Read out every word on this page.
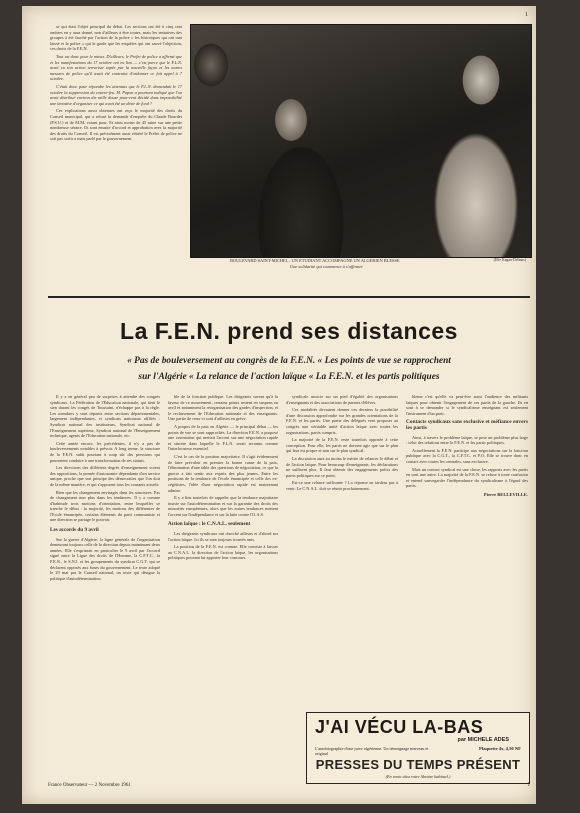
1

se qui était l'objet principal du débat. Les sections ont été à cinq cent ombres en y aura donné, non d'ailleurs à être toutes, mais les tentatives des groupes à été fauché par l'action de la police « les historiques qui ont tant laissé et la police » qui le garde que les enquêtes qui ont sauvé l'objection, ces droits de la F.E.N.

Tout est donc pour le mieux. D'ailleurs, le Préfet de police a affirmé que et les manifestations du 17 octobre ont eu lieu — c'est parce que le F.L.N. avait vu son action terroriste sapée par la nouvelle façon et les autres mesures de police qu'il avait été contraint d'ordonner ce fait appel à 7 octobre.

C'était donc pour répondre les attentats que le F.L.N. demandait le 17 octobre la suppression du couvre-feu. M. Papon a pourtant indiqué que l'on avait distribué environ dix mille douze pour-cent décidé dans impossibilité une tentative d'organiser ce qui avait été un désir de fond ?

Ces explications aussi obtenues ont reçu le majorité des droits du Conseil municipal, qui a refusé la demande d'enquête du Claude Bourdet (P.S.U.) et de M.M. votant pour. Et ainsi moins de 45 mine sur une petite nombreuse séance. Ils sont ensuite d'accord et approbation avec la majorité des droits du Conseil. Il est précisément aussi réitéré le Préfet de police ne soit pas sortir a mais parlé par le gouvernement.

BOULEVARD SAINT-MICHEL : UN ETUDIANT ACCOMPAGNE UN ALGERIEN BLESSE	(Elie Kagan-Delmas)
Une solidarité qui commence à s'affirmer
La F.E.N. prend ses distances
« Pas de bouleversement au congrès de la F.E.N. « Les points de vue se rapprochent
sur l'Algérie « La relance de l'action laïque « La F.E.N. et les partis politiques

Il y a en général peu de surprises à attendre des congrès syndicaux. La Fédération de l'Education nationale, qui tient le sien durant les congés de Toussaint, n'échappe pas à la règle. Les membres y sont répartis entre sections départementales, largement indépendantes, et syndicats nationaux affiliés : Syndicat national des instituteurs, Syndicat national de l'Enseignement supérieur, Syndicat national de l'Enseignement technique, agents de l'Education nationale, etc.

Cette année encore, les précédentes, il n'y a pas de bouleversements notables à prévoir. A long terme, la structure de la F.E.N. subit pourtant à coup sûr des pressions qui pourraient conduire à une transformation de ses statuts.

Les directions des différents degrés d'enseignement voient des oppositions, la pensée d'autonomie dépendante d'un service unique, proche que son principe des démocraties que l'on doit de la même manière, et qui s'opposent tous les courants actuels.

Rien que les changement envisagés dans les structures. Pas de changement non plus dans les tendances. Il y a comme d'habitude trois motions d'orientation, entre lesquelles se tranche le débat : la majorité, les motions des différentes de l'Ecole émancipée, certains éléments du parti communiste et une direction se partage le pouvoir.

Les accords du 9 avril

Sur la guerre d'Algérie, la ligne générale de l'organisation demeurant toujours celle de la direction depuis maintenant deux années. Elle s'exprimait en particulier le 9 avril par l'accord signé entre la Ligue des droits de l'Homme, la C.F.T.C., la F.E.N., le S.N.I. et les groupements du syndicat C.G.T. qui se déclarent opposés aux bases du gouvernement. Le texte adopté le 29 mai par le Conseil national, un texte qui désigne la politique d'autodétermination.

ble de la fonction publique. Les dirigeants savent qu'à la faveur de ce mouvement, certains points restent en suspens en avril et notamment la réorganisation des grades d'inspection, et le reclassement de l'Education nationale et des enseignants. Une partie de ceux-ci sont d'ailleurs en grève.

A propos de la paix en Algérie — le principal débat — les points de vue se sont rapprochés. La direction F.E.N. a proposé une orientation qui mettait l'accent sur une négociation rapide et sincère dans laquelle le F.L.N. serait reconnu comme l'interlocuteur essentiel.

C'est le cas de la position majoritaire. Il s'agit évidemment de faire prévaloir en premier la bonne cause de la paix, l'élimination d'une table des questions de négociation, ce que la guerre a fait sentir aux esprits des plus jeunes, Entre les positions de la tendance de l'école émancipée et celle des ex-cégétistes, l'idée d'une négociation rapide est maintenant admise.

Il y a lieu toutefois de rappeler que la tendance majoritaire insiste sur l'autodétermination et sur la garantie des droits des minorités européennes, alors que les autres tendances mettent l'accent sur l'indépendance et sur la lutte contre l'O.A.S.

Action laïque : le C.N.A.L. seulement

Les dirigeants syndicaux ont cherché ailleurs et d'abord sur l'action laïque. Ici ils se sont toujours trouvés unis.

La position de la F.E.N. est connue. Elle consiste à laisser au C.N.A.L. la direction de l'action laïque, les organisations politiques pouvant lui apporter leur concours.

syndicale associe sur un pied d'égalité des organisations d'enseignants et des associations de parents d'élèves.

Ces modalités devraient donner ces derniers la possibilité d'une discussion approfondie sur les grandes orientations de la F.E.N. et les partis. Une partie des délégués veut proposer au congrès une véritable unité d'action laïque avec toutes les organisations, partis compris.

La majorité de la F.E.N. reste toutefois opposée à cette conception. Pour elle, les partis ne doivent agir que sur le plan qui leur est propre et non sur le plan syndical.

La discussion aura au moins le mérite de relancer le débat et de l'action laïque. Pour beaucoup d'enseignants, les déclarations ne suffisent plus. Il faut obtenir des engagements précis des partis politiques sur ce point.

Est-ce une relance suffisante ? La réponse ne tardera pas à venir. Le C.N.A.L. doit se réunir prochainement.

bleme c'est qu'elle va peut-être aussi l'audience des militants laïques pour obtenir l'engagement de ces partis de la gauche. Ils en sont à se demander si le syndicalisme enseignant est seulement l'instrument d'un parti.

Contacts syndicaux sans exclusive et méfiance envers les partis

Ainsi, à travers le problème laïque, se pose un problème plus large : celui des relations entre la F.E.N. et les partis politiques.

Actuellement la F.E.N. participe aux négociations sur la fonction publique avec la C.G.T., la C.F.T.C. et F.O. Elle se trouve donc en contact avec toutes les centrales, sans exclusive.

Mais un contact syndical est une chose, les rapports avec les partis en sont une autre. La majorité de la F.E.N. se refuse à toute confusion et entend sauvegarder l'indépendance du syndicalisme à l'égard des partis.

Pierre BELLEVILLE.
J'AI VÉCU LA-BAS
par MICHELE ADES
L'autobiographie d'une juive algérienne. Un témoignage nouveau et original
Plaquette 4x, 4,50 NF
PRESSES DU TEMPS PRÉSENT
(En vente chez votre libraire habituel.)
France Observateur — 2 Novembre 1961	7
